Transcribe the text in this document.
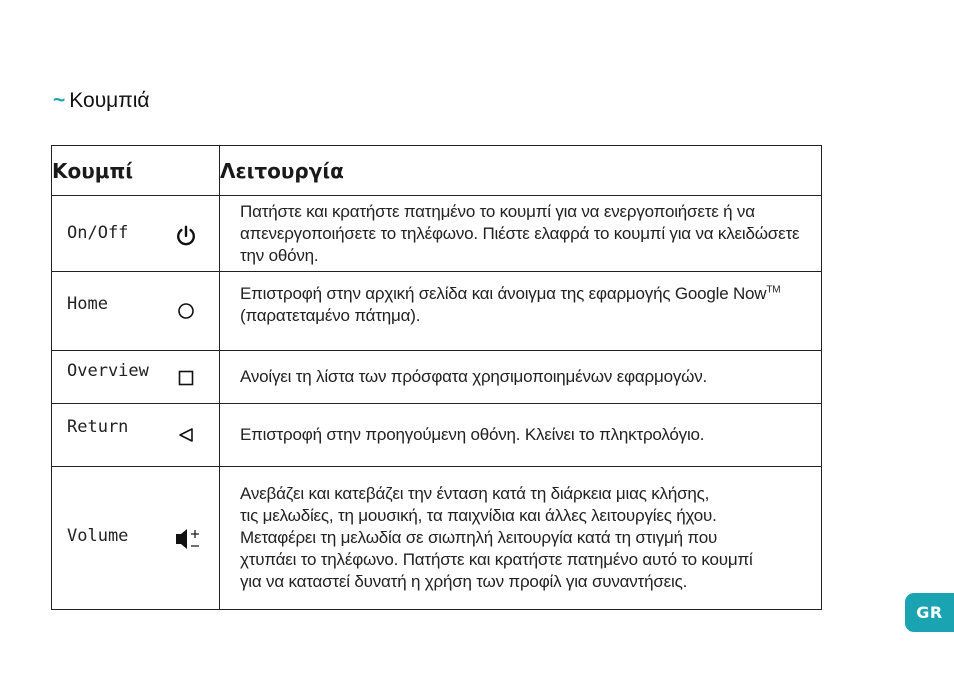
~ Κουμπιά
Κουμπί	Λειτουργία

On/Off	Πατήστε και κρατήστε πατημένο το κουμπί για να ενεργοποιήσετε ή να απενεργοποιήσετε το τηλέφωνο. Πιέστε ελαφρά το κουμπί για να κλειδώσετε την οθόνη.

Home	Επιστροφή στην αρχική σελίδα και άνοιγμα της εφαρμογής Google Now™ (παρατεταμένο πάτημα).

Overview	Ανοίγει τη λίστα των πρόσφατα χρησιμοποιημένων εφαρμογών.

Return	Επιστροφή στην προηγούμενη οθόνη. Κλείνει το πληκτρολόγιο.

Volume	Ανεβάζει και κατεβάζει την ένταση κατά τη διάρκεια μιας κλήσης,
τις μελωδίες, τη μουσική, τα παιχνίδια και άλλες λειτουργίες ήχου.
Μεταφέρει τη μελωδία σε σιωπηλή λειτουργία κατά τη στιγμή που
χτυπάει το τηλέφωνο. Πατήστε και κρατήστε πατημένο αυτό το κουμπί
για να καταστεί δυνατή η χρήση των προφίλ για συναντήσεις.
GR
